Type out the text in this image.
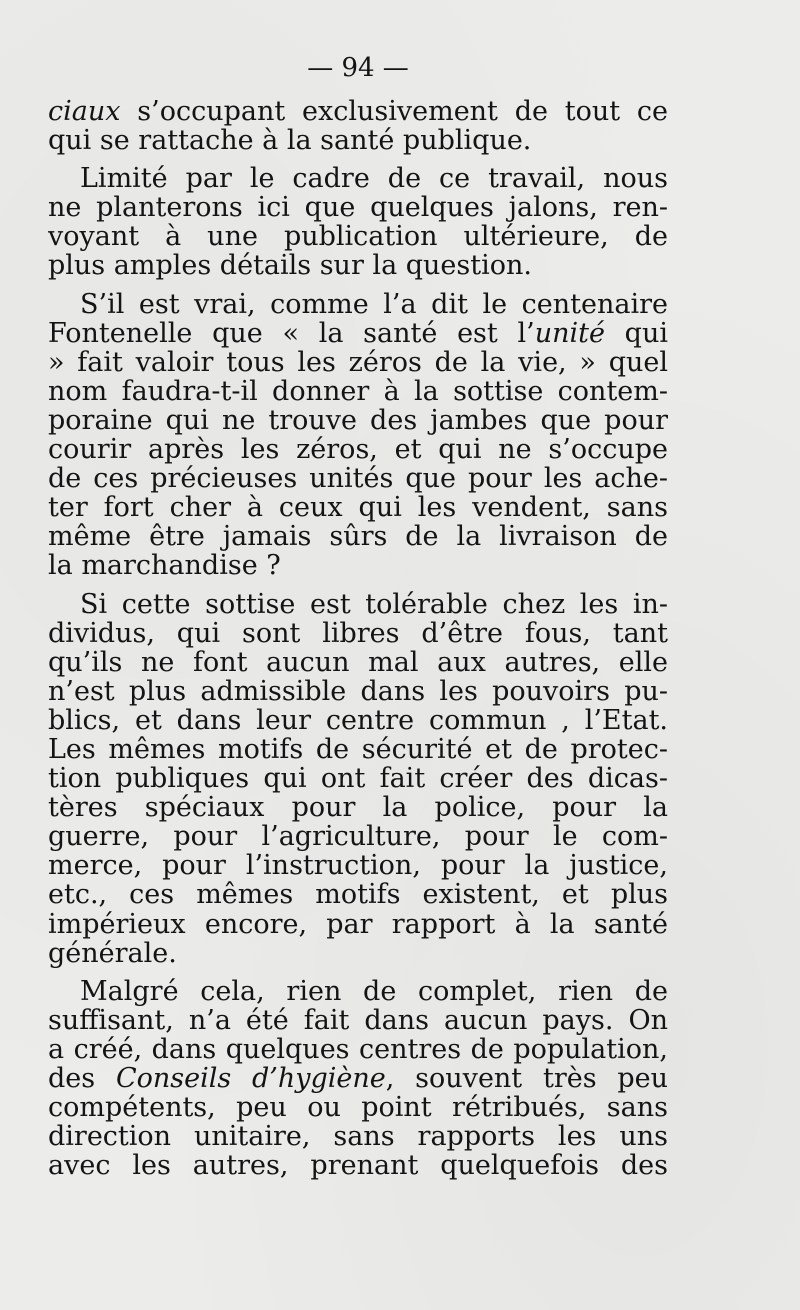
— 94 —
ciaux s’occupant exclusivement de tout ce
qui se rattache à la santé publique.
Limité par le cadre de ce travail, nous
ne planterons ici que quelques jalons, ren-
voyant à une publication ultérieure, de
plus amples détails sur la question.
S’il est vrai, comme l’a dit le centenaire
Fontenelle que « la santé est l’unité qui
» fait valoir tous les zéros de la vie, » quel
nom faudra-t-il donner à la sottise contem-
poraine qui ne trouve des jambes que pour
courir après les zéros, et qui ne s’occupe
de ces précieuses unités que pour les ache-
ter fort cher à ceux qui les vendent, sans
même être jamais sûrs de la livraison de
la marchandise ?
Si cette sottise est tolérable chez les in-
dividus, qui sont libres d’être fous, tant
qu’ils ne font aucun mal aux autres, elle
n’est plus admissible dans les pouvoirs pu-
blics, et dans leur centre commun , l’Etat.
Les mêmes motifs de sécurité et de protec-
tion publiques qui ont fait créer des dicas-
tères spéciaux pour la police, pour la
guerre, pour l’agriculture, pour le com-
merce, pour l’instruction, pour la justice,
etc., ces mêmes motifs existent, et plus
impérieux encore, par rapport à la santé
générale.
Malgré cela, rien de complet, rien de
suffisant, n’a été fait dans aucun pays. On
a créé, dans quelques centres de population,
des Conseils d’hygiène, souvent très peu
compétents, peu ou point rétribués, sans
direction unitaire, sans rapports les uns
avec les autres, prenant quelquefois des
